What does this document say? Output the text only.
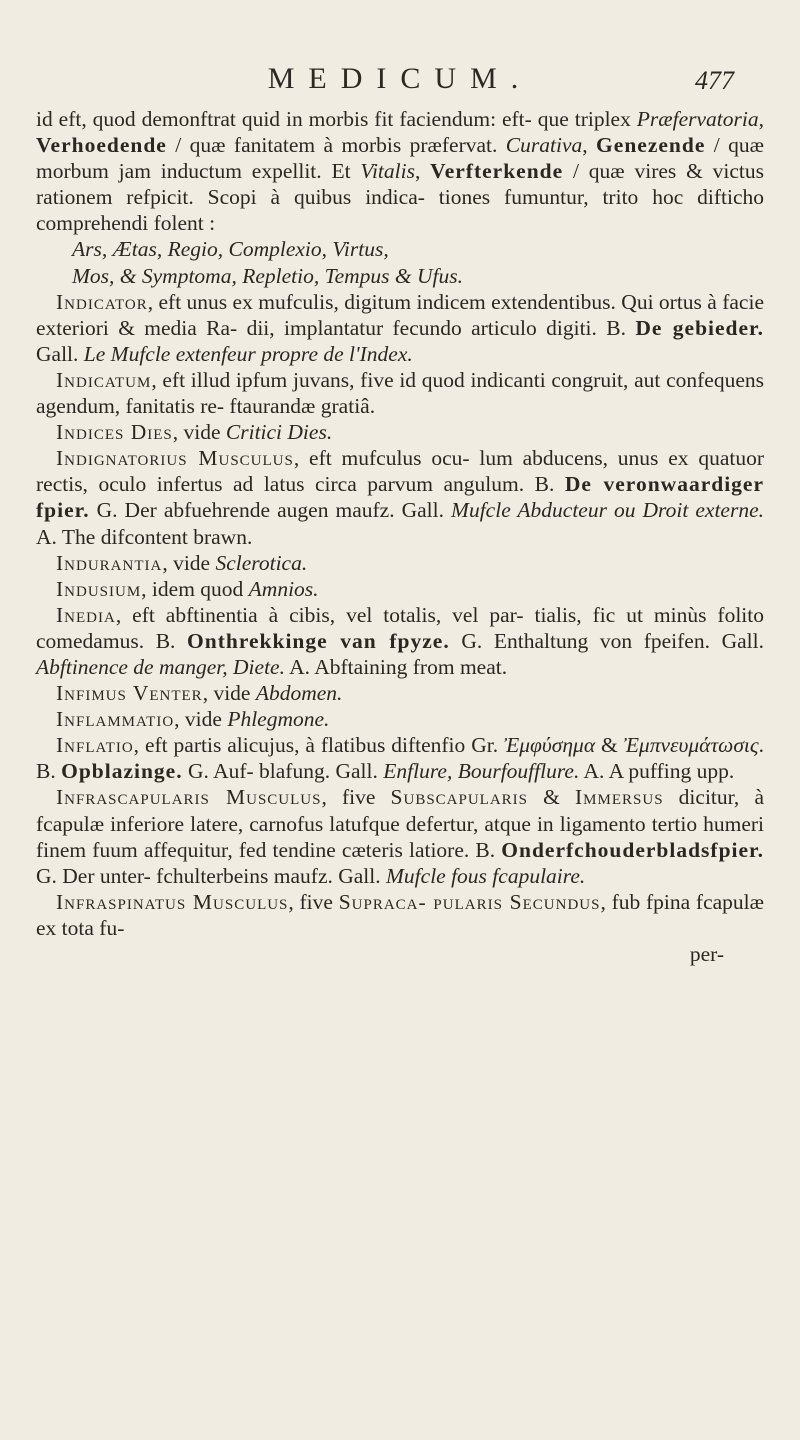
MEDICUM.	477

id eft, quod demonftrat quid in morbis fit faciendum: eft- que triplex Præfervatoria, Verhoedende / quæ fanitatem à morbis præfervat. Curativa, Genezende / quæ morbum jam inductum expellit. Et Vitalis, Verfterkende / quæ vires & victus rationem refpicit. Scopi à quibus indica- tiones fumuntur, trito hoc difticho comprehendi folent :

Ars, Ætas, Regio, Complexio, Virtus,

Mos, & Symptoma, Repletio, Tempus & Ufus.

Indicator, eft unus ex mufculis, digitum indicem extendentibus. Qui ortus à facie exteriori & media Ra- dii, implantatur fecundo articulo digiti. B. De gebieder. Gall. Le Mufcle extenfeur propre de l'Index.

Indicatum, eft illud ipfum juvans, five id quod indicanti congruit, aut confequens agendum, fanitatis re- ftaurandæ gratiâ.

Indices Dies, vide Critici Dies.

Indignatorius Musculus, eft mufculus ocu- lum abducens, unus ex quatuor rectis, oculo infertus ad latus circa parvum angulum. B. De veronwaardiger fpier. G. Der abfuehrende augen maufz. Gall. Mufcle Abducteur ou Droit externe. A. The difcontent brawn.

Indurantia, vide Sclerotica.

Indusium, idem quod Amnios.

Inedia, eft abftinentia à cibis, vel totalis, vel par- tialis, fic ut minùs folito comedamus. B. Onthrekkinge van fpyze. G. Enthaltung von fpeifen. Gall. Abftinence de manger, Diete. A. Abftaining from meat.

Infimus Venter, vide Abdomen.

Inflammatio, vide Phlegmone.

Inflatio, eft partis alicujus, à flatibus diftenfio Gr. Ἐμφύσημα & Ἐμπνευμάτωσις. B. Opblazinge. G. Auf- blafung. Gall. Enflure, Bourfoufflure. A. A puffing upp.

Infrascapularis Musculus, five Subscapularis & Immersus dicitur, à fcapulæ inferiore latere, carnofus latufque defertur, atque in ligamento tertio humeri finem fuum affequitur, fed tendine cæteris latiore. B. Onderfchouderbladsfpier. G. Der unter- fchulterbeins maufz. Gall. Mufcle fous fcapulaire.

Infraspinatus Musculus, five Supraca- pularis Secundus, fub fpina fcapulæ ex tota fu-

per-
